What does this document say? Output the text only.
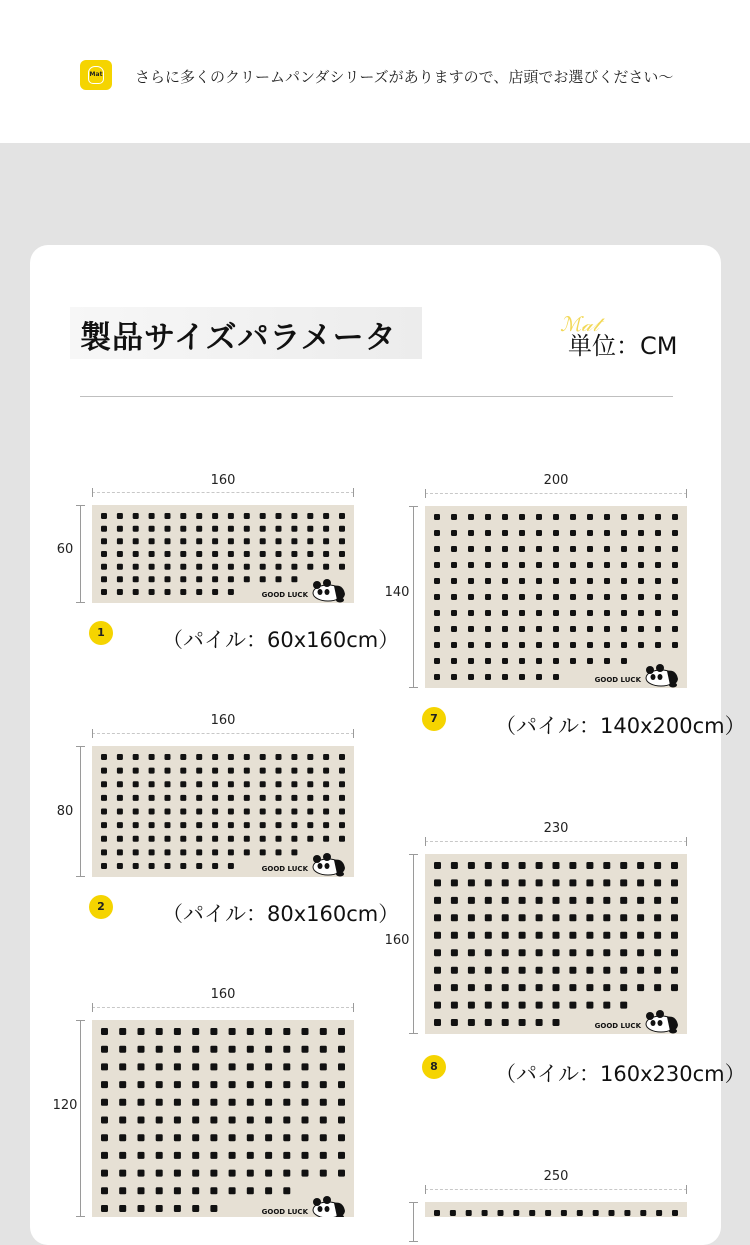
Mat	さらに多くのクリームパンダシリーズがありますので、店頭でお選びください〜
製品サイズパラメータ	ℳ𝒶𝓉
単位：CM
160
60
GOOD LUCK
1	（パイル：60x160cm）
160
80
GOOD LUCK
2	（パイル：80x160cm）
160
120
GOOD LUCK
200
140
GOOD LUCK
7	（パイル：140x200cm）
230
160
GOOD LUCK
8	（パイル：160x230cm）
250
